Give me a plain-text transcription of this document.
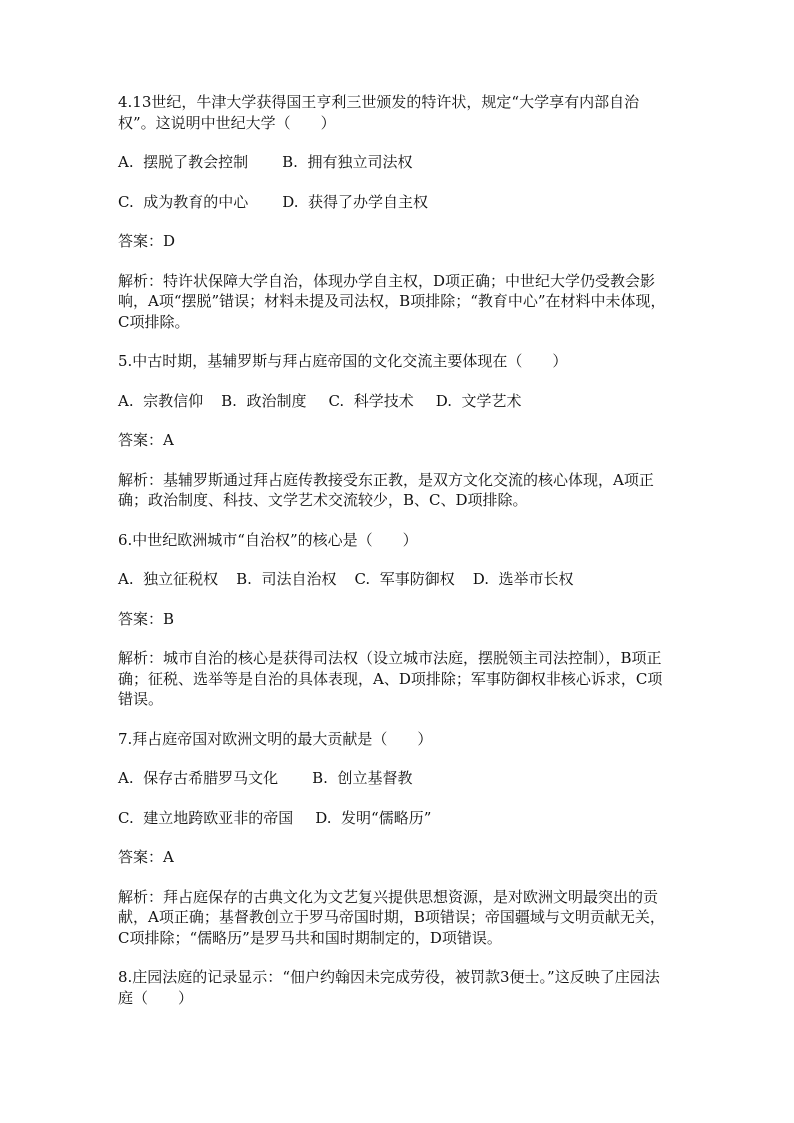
4.13世纪，牛津大学获得国王亨利三世颁发的特许状，规定“大学享有内部自治权”。这说明中世纪大学（　　）

A.  摆脱了教会控制 B.  拥有独立司法权

C.  成为教育的中心 D.  获得了办学自主权

答案：D

解析：特许状保障大学自治，体现办学自主权，D项正确；中世纪大学仍受教会影响，A项“摆脱”错误；材料未提及司法权，B项排除；“教育中心”在材料中未体现，C项排除。

5.中古时期，基辅罗斯与拜占庭帝国的文化交流主要体现在（　　）

A.  宗教信仰 B.  政治制度 C.  科学技术 D.  文学艺术

答案：A

解析：基辅罗斯通过拜占庭传教接受东正教，是双方文化交流的核心体现，A项正确；政治制度、科技、文学艺术交流较少，B、C、D项排除。

6.中世纪欧洲城市“自治权”的核心是（　　）

A.  独立征税权 B.  司法自治权 C.  军事防御权 D.  选举市长权

答案：B

解析：城市自治的核心是获得司法权（设立城市法庭，摆脱领主司法控制），B项正确；征税、选举等是自治的具体表现，A、D项排除；军事防御权非核心诉求，C项错误。

7.拜占庭帝国对欧洲文明的最大贡献是（　　）

A.  保存古希腊罗马文化 B.  创立基督教

C.  建立地跨欧亚非的帝国 D.  发明“儒略历”

答案：A

解析：拜占庭保存的古典文化为文艺复兴提供思想资源，是对欧洲文明最突出的贡献，A项正确；基督教创立于罗马帝国时期，B项错误；帝国疆域与文明贡献无关，C项排除；“儒略历”是罗马共和国时期制定的，D项错误。

8.庄园法庭的记录显示：“佃户约翰因未完成劳役，被罚款3便士。”这反映了庄园法庭（　　）
